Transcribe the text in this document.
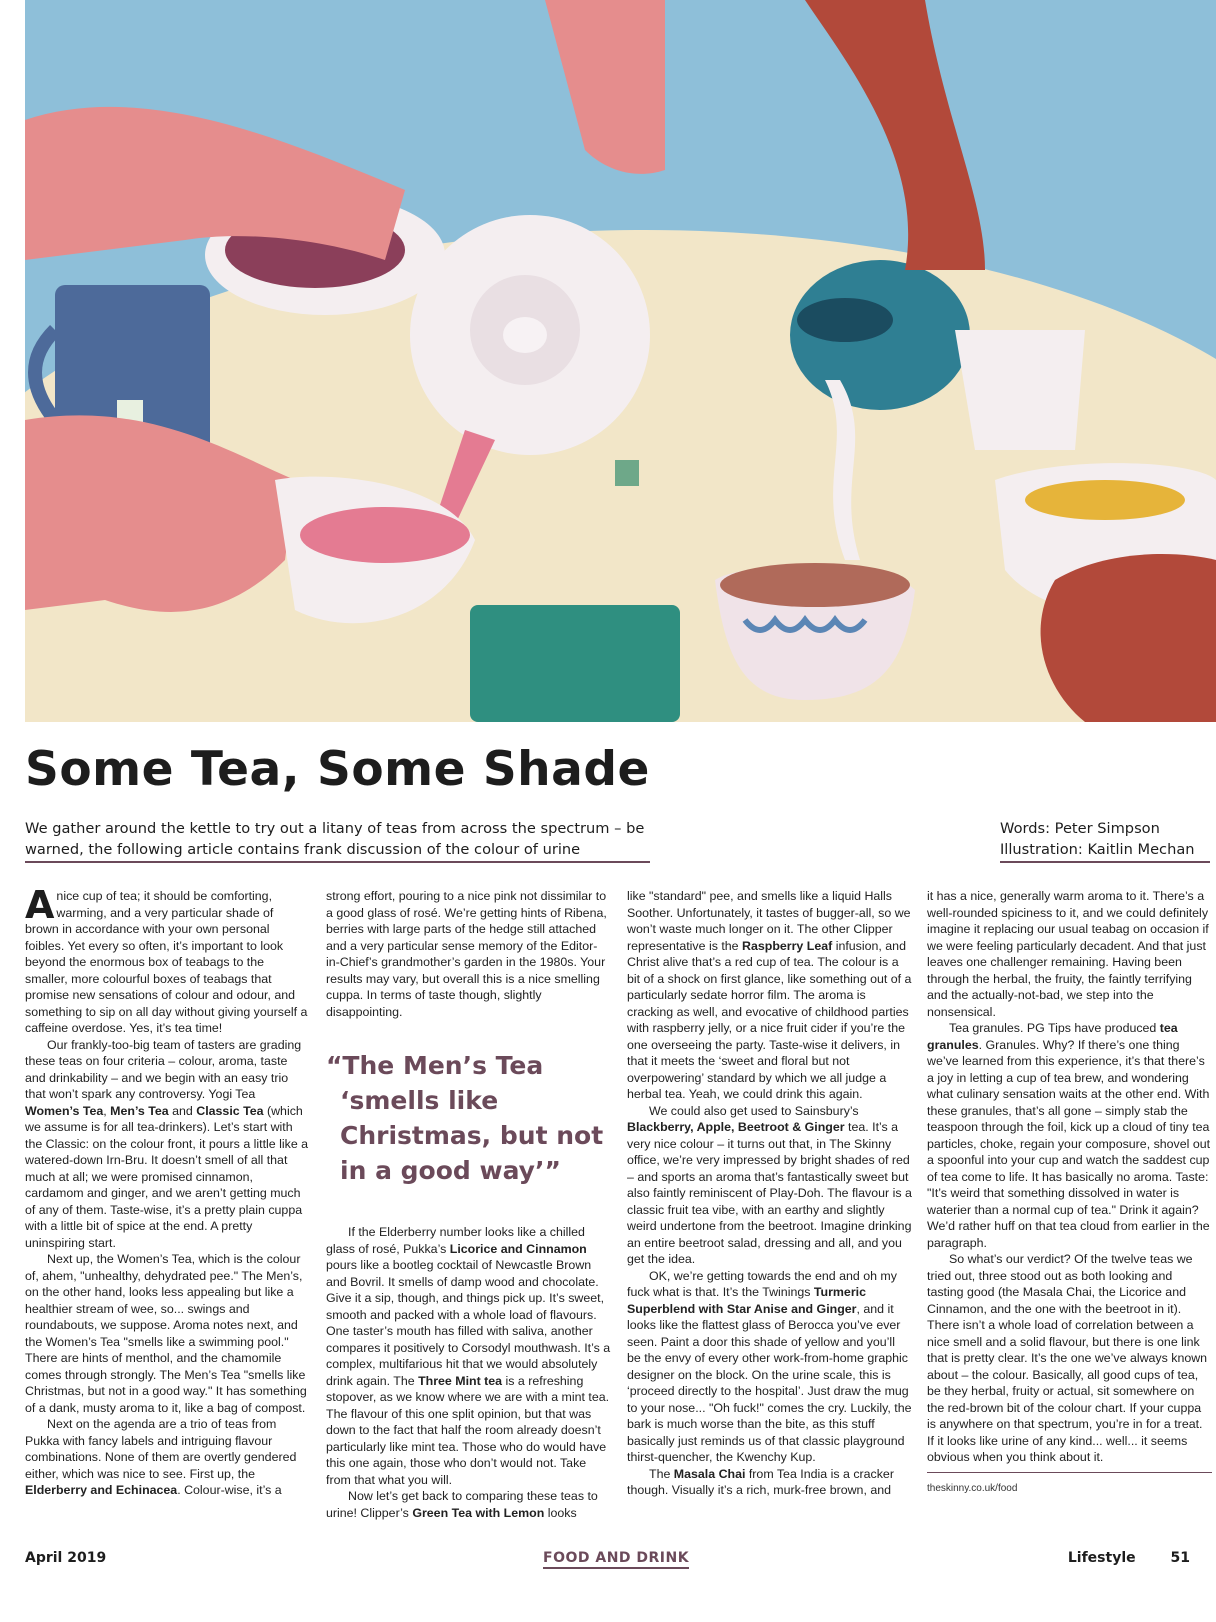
Some Tea, Some Shade
We gather around the kettle to try out a litany of teas from across the spectrum – be warned, the following article contains frank discussion of the colour of urine
Words: Peter Simpson
Illustration: Kaitlin Mechan

A nice cup of tea; it should be comforting, warming, and a very particular shade of brown in accordance with your own personal foibles. Yet every so often, it’s important to look beyond the enormous box of teabags to the smaller, more colourful boxes of teabags that promise new sensations of colour and odour, and something to sip on all day without giving yourself a caffeine overdose. Yes, it’s tea time!

Our frankly-too-big team of tasters are grading these teas on four criteria – colour, aroma, taste and drinkability – and we begin with an easy trio that won’t spark any controversy. Yogi Tea Women’s Tea, Men’s Tea and Classic Tea (which we assume is for all tea-drinkers). Let’s start with the Classic: on the colour front, it pours a little like a watered-down Irn-Bru. It doesn’t smell of all that much at all; we were promised cinnamon, cardamom and ginger, and we aren’t getting much of any of them. Taste-wise, it’s a pretty plain cuppa with a little bit of spice at the end. A pretty uninspiring start.

Next up, the Women’s Tea, which is the colour of, ahem, "unhealthy, dehydrated pee." The Men’s, on the other hand, looks less appealing but like a healthier stream of wee, so... swings and roundabouts, we suppose. Aroma notes next, and the Women’s Tea "smells like a swimming pool." There are hints of menthol, and the chamomile comes through strongly. The Men’s Tea "smells like Christmas, but not in a good way." It has something of a dank, musty aroma to it, like a bag of compost.

Next on the agenda are a trio of teas from Pukka with fancy labels and intriguing flavour combinations. None of them are overtly gendered either, which was nice to see. First up, the Elderberry and Echinacea. Colour-wise, it’s a

strong effort, pouring to a nice pink not dissimilar to a good glass of rosé. We’re getting hints of Ribena, berries with large parts of the hedge still attached and a very particular sense memory of the Editor-in-Chief’s grandmother’s garden in the 1980s. Your results may vary, but overall this is a nice smelling cuppa. In terms of taste though, slightly disappointing.

“The Men’s Tea
‘smells like Christmas, but not in a good way’”

If the Elderberry number looks like a chilled glass of rosé, Pukka’s Licorice and Cinnamon pours like a bootleg cocktail of Newcastle Brown and Bovril. It smells of damp wood and chocolate. Give it a sip, though, and things pick up. It’s sweet, smooth and packed with a whole load of flavours. One taster’s mouth has filled with saliva, another compares it positively to Corsodyl mouthwash. It’s a complex, multifarious hit that we would absolutely drink again. The Three Mint tea is a refreshing stopover, as we know where we are with a mint tea. The flavour of this one split opinion, but that was down to the fact that half the room already doesn’t particularly like mint tea. Those who do would have this one again, those who don’t would not. Take from that what you will.

Now let’s get back to comparing these teas to urine! Clipper’s Green Tea with Lemon looks

like "standard" pee, and smells like a liquid Halls Soother. Unfortunately, it tastes of bugger-all, so we won’t waste much longer on it. The other Clipper representative is the Raspberry Leaf infusion, and Christ alive that’s a red cup of tea. The colour is a bit of a shock on first glance, like something out of a particularly sedate horror film. The aroma is cracking as well, and evocative of childhood parties with raspberry jelly, or a nice fruit cider if you’re the one overseeing the party. Taste-wise it delivers, in that it meets the ‘sweet and floral but not overpowering’ standard by which we all judge a herbal tea. Yeah, we could drink this again.

We could also get used to Sainsbury’s Blackberry, Apple, Beetroot & Ginger tea. It’s a very nice colour – it turns out that, in The Skinny office, we’re very impressed by bright shades of red – and sports an aroma that’s fantastically sweet but also faintly reminiscent of Play-Doh. The flavour is a classic fruit tea vibe, with an earthy and slightly weird undertone from the beetroot. Imagine drinking an entire beetroot salad, dressing and all, and you get the idea.

OK, we’re getting towards the end and oh my fuck what is that. It’s the Twinings Turmeric Superblend with Star Anise and Ginger, and it looks like the flattest glass of Berocca you’ve ever seen. Paint a door this shade of yellow and you’ll be the envy of every other work-from-home graphic designer on the block. On the urine scale, this is ‘proceed directly to the hospital’. Just draw the mug to your nose... "Oh fuck!" comes the cry. Luckily, the bark is much worse than the bite, as this stuff basically just reminds us of that classic playground thirst-quencher, the Kwenchy Kup.

The Masala Chai from Tea India is a cracker though. Visually it’s a rich, murk-free brown, and

it has a nice, generally warm aroma to it. There’s a well-rounded spiciness to it, and we could definitely imagine it replacing our usual teabag on occasion if we were feeling particularly decadent. And that just leaves one challenger remaining. Having been through the herbal, the fruity, the faintly terrifying and the actually-not-bad, we step into the nonsensical.

Tea granules. PG Tips have produced tea granules. Granules. Why? If there’s one thing we’ve learned from this experience, it’s that there’s a joy in letting a cup of tea brew, and wondering what culinary sensation waits at the other end. With these granules, that’s all gone – simply stab the teaspoon through the foil, kick up a cloud of tiny tea particles, choke, regain your composure, shovel out a spoonful into your cup and watch the saddest cup of tea come to life. It has basically no aroma. Taste: "It’s weird that something dissolved in water is waterier than a normal cup of tea." Drink it again? We’d rather huff on that tea cloud from earlier in the paragraph.

So what’s our verdict? Of the twelve teas we tried out, three stood out as both looking and tasting good (the Masala Chai, the Licorice and Cinnamon, and the one with the beetroot in it). There isn’t a whole load of correlation between a nice smell and a solid flavour, but there is one link that is pretty clear. It’s the one we’ve always known about – the colour. Basically, all good cups of tea, be they herbal, fruity or actual, sit somewhere on the red-brown bit of the colour chart. If your cuppa is anywhere on that spectrum, you’re in for a treat. If it looks like urine of any kind... well... it seems obvious when you think about it.

theskinny.co.uk/food
April 2019	FOOD AND DRINK	Lifestyle 51
